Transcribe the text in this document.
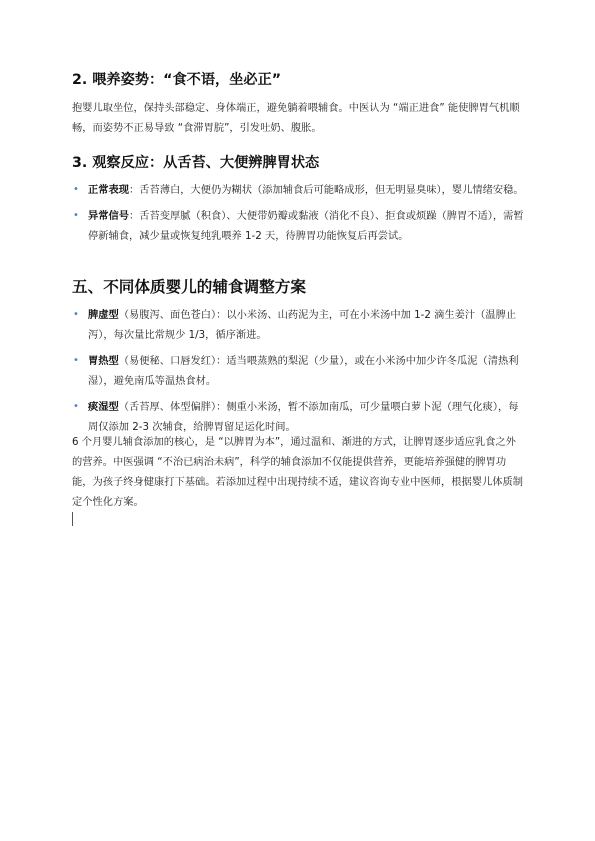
2. 喂养姿势：“食不语，坐必正”

抱婴儿取坐位，保持头部稳定、身体端正，避免躺着喂辅食。中医认为 “端正进食” 能使脾胃气机顺畅，而姿势不正易导致 “食滞胃脘”，引发吐奶、腹胀。

3. 观察反应：从舌苔、大便辨脾胃状态
• 正常表现：舌苔薄白，大便仍为糊状（添加辅食后可能略成形，但无明显臭味），婴儿情绪安稳。
• 异常信号：舌苔变厚腻（积食）、大便带奶瓣或黏液（消化不良）、拒食或烦躁（脾胃不适），需暂停新辅食，减少量或恢复纯乳喂养 1-2 天，待脾胃功能恢复后再尝试。
五、不同体质婴儿的辅食调整方案
• 脾虚型（易腹泻、面色苍白）：以小米汤、山药泥为主，可在小米汤中加 1-2 滴生姜汁（温脾止泻），每次量比常规少 1/3，循序渐进。
• 胃热型（易便秘、口唇发红）：适当喂蒸熟的梨泥（少量），或在小米汤中加少许冬瓜泥（清热利湿），避免南瓜等温热食材。
• 痰湿型（舌苔厚、体型偏胖）：侧重小米汤，暂不添加南瓜，可少量喂白萝卜泥（理气化痰），每周仅添加 2-3 次辅食，给脾胃留足运化时间。

6 个月婴儿辅食添加的核心，是 “以脾胃为本”，通过温和、渐进的方式，让脾胃逐步适应乳食之外的营养。中医强调 “不治已病治未病”，科学的辅食添加不仅能提供营养，更能培养强健的脾胃功能，为孩子终身健康打下基础。若添加过程中出现持续不适，建议咨询专业中医师，根据婴儿体质制定个性化方案。
